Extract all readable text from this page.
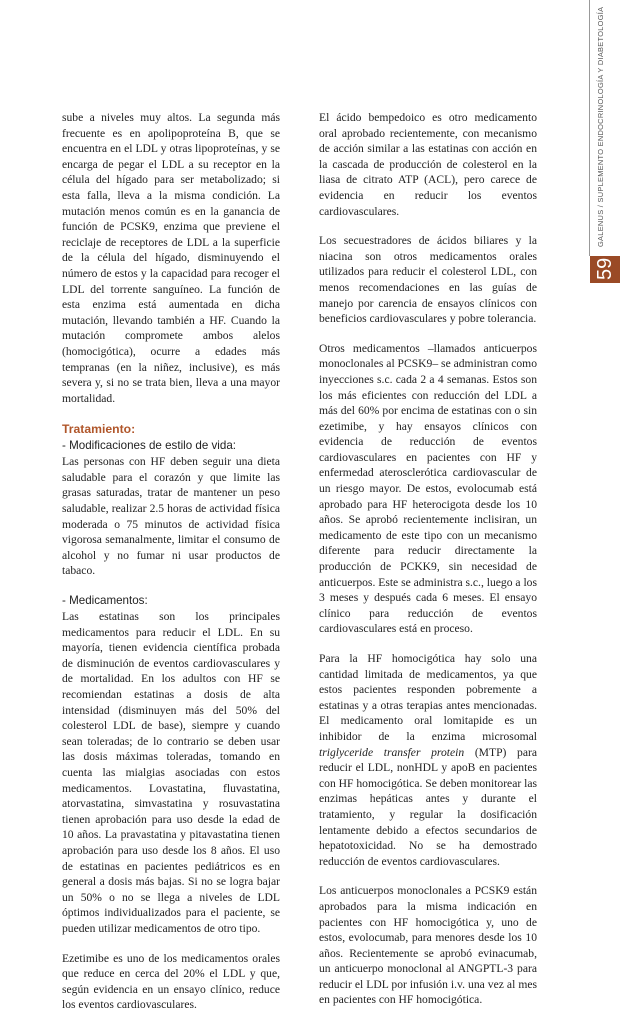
GALENUS / SUPLEMENTO ENDOCRINOLOGÍA Y DIABETOLOGÍA
59

sube a niveles muy altos. La segunda más frecuente es en apolipoproteína B, que se encuentra en el LDL y otras lipoproteínas, y se encarga de pegar el LDL a su receptor en la célula del hígado para ser metabolizado; si esta falla, lleva a la misma condición. La mutación menos común es en la ganancia de función de PCSK9, enzima que previene el reciclaje de receptores de LDL a la superficie de la célula del hígado, disminuyendo el número de estos y la capacidad para recoger el LDL del torrente sanguíneo. La función de esta enzima está aumentada en dicha mutación, llevando también a HF. Cuando la mutación compromete ambos alelos (homocigótica), ocurre a edades más tempranas (en la niñez, inclusive), es más severa y, si no se trata bien, lleva a una mayor mortalidad.

Tratamiento:
- Modificaciones de estilo de vida:

Las personas con HF deben seguir una dieta saludable para el corazón y que limite las grasas saturadas, tratar de mantener un peso saludable, realizar 2.5 horas de actividad física moderada o 75 minutos de actividad física vigorosa semanalmente, limitar el consumo de alcohol y no fumar ni usar productos de tabaco.

- Medicamentos:

Las estatinas son los principales medicamentos para reducir el LDL. En su mayoría, tienen evidencia científica probada de disminución de eventos cardiovasculares y de mortalidad. En los adultos con HF se recomiendan estatinas a dosis de alta intensidad (disminuyen más del 50% del colesterol LDL de base), siempre y cuando sean toleradas; de lo contrario se deben usar las dosis máximas toleradas, tomando en cuenta las mialgias asociadas con estos medicamentos. Lovastatina, fluvastatina, atorvastatina, simvastatina y rosuvastatina tienen aprobación para uso desde la edad de 10 años. La pravastatina y pitavastatina tienen aprobación para uso desde los 8 años. El uso de estatinas en pacientes pediátricos es en general a dosis más bajas. Si no se logra bajar un 50% o no se llega a niveles de LDL óptimos individualizados para el paciente, se pueden utilizar medicamentos de otro tipo.

Ezetimibe es uno de los medicamentos orales que reduce en cerca del 20% el LDL y que, según evidencia en un ensayo clínico, reduce los eventos cardiovasculares.

El ácido bempedoico es otro medicamento oral aprobado recientemente, con mecanismo de acción similar a las estatinas con acción en la cascada de producción de colesterol en la liasa de citrato ATP (ACL), pero carece de evidencia en reducir los eventos cardiovasculares.

Los secuestradores de ácidos biliares y la niacina son otros medicamentos orales utilizados para reducir el colesterol LDL, con menos recomendaciones en las guías de manejo por carencia de ensayos clínicos con beneficios cardiovasculares y pobre tolerancia.

Otros medicamentos –llamados anticuerpos monoclonales al PCSK9– se administran como inyecciones s.c. cada 2 a 4 semanas. Estos son los más eficientes con reducción del LDL a más del 60% por encima de estatinas con o sin ezetimibe, y hay ensayos clínicos con evidencia de reducción de eventos cardiovasculares en pacientes con HF y enfermedad aterosclerótica cardiovascular de un riesgo mayor. De estos, evolocumab está aprobado para HF heterocigota desde los 10 años. Se aprobó recientemente inclisiran, un medicamento de este tipo con un mecanismo diferente para reducir directamente la producción de PCKK9, sin necesidad de anticuerpos. Este se administra s.c., luego a los 3 meses y después cada 6 meses. El ensayo clínico para reducción de eventos cardiovasculares está en proceso.

Para la HF homocigótica hay solo una cantidad limitada de medicamentos, ya que estos pacientes responden pobremente a estatinas y a otras terapias antes mencionadas. El medicamento oral lomitapide es un inhibidor de la enzima microsomal triglyceride transfer protein (MTP) para reducir el LDL, nonHDL y apoB en pacientes con HF homocigótica. Se deben monitorear las enzimas hepáticas antes y durante el tratamiento, y regular la dosificación lentamente debido a efectos secundarios de hepatotoxicidad. No se ha demostrado reducción de eventos cardiovasculares.

Los anticuerpos monoclonales a PCSK9 están aprobados para la misma indicación en pacientes con HF homocigótica y, uno de estos, evolocumab, para menores desde los 10 años. Recientemente se aprobó evinacumab, un anticuerpo monoclonal al ANGPTL-3 para reducir el LDL por infusión i.v. una vez al mes en pacientes con HF homocigótica.
